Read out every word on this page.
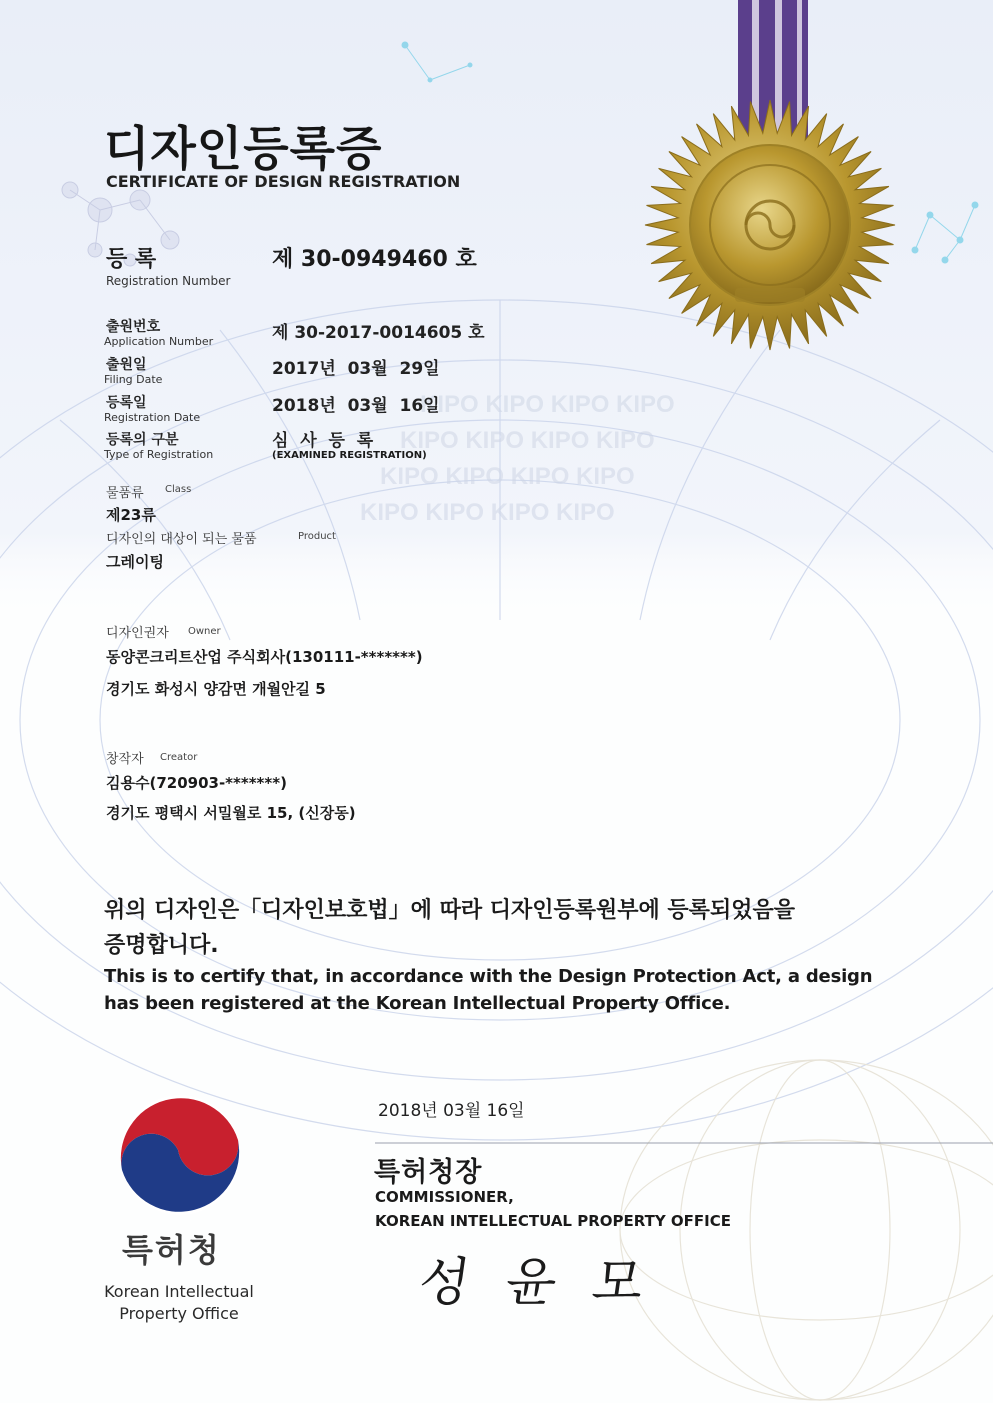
KIPO KIPO KIPO KIPO
KIPO KIPO KIPO KIPO
KIPO KIPO KIPO KIPO
KIPO KIPO KIPO KIPO
디자인등록증
CERTIFICATE OF DESIGN REGISTRATION
등 록
Registration Number
제 30-0949460 호
출원번호
Application Number	제 30-2017-0014605 호
출원일
Filing Date
2017년  03월  29일
등록일
Registration Date
2018년  03월  16일
등록의 구분
Type of Registration
심  사  등  록
(EXAMINED REGISTRATION)
물품류 Class
제23류
디자인의 대상이 되는 물품	Product
그레이팅
디자인권자 Owner
동양콘크리트산업 주식회사(130111-*******)
경기도 화성시 양감면 개월안길 5
창작자 Creator
김용수(720903-*******)
경기도 평택시 서밀월로 15, (신장동)
위의 디자인은「디자인보호법」에 따라 디자인등록원부에 등록되었음을
증명합니다.
This is to certify that, in accordance with the Design Protection Act, a design
has been registered at the Korean Intellectual Property Office.
2018년 03월 16일
특허청장
COMMISSIONER,
KOREAN INTELLECTUAL PROPERTY OFFICE
성 윤 모
특허청
Korean Intellectual
Property Office
